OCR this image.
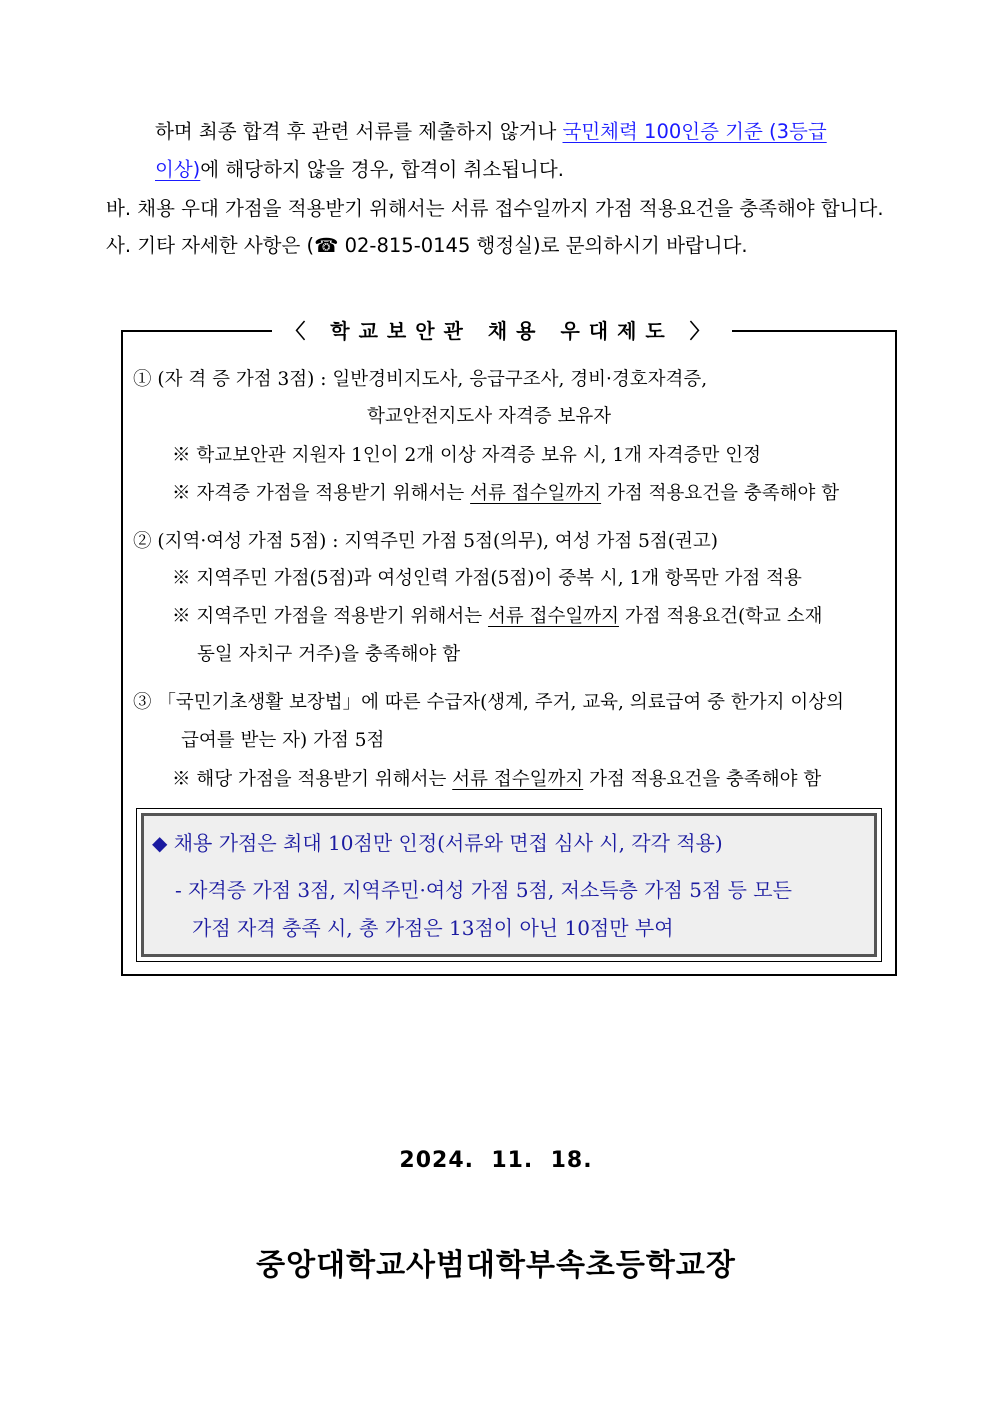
하며 최종 합격 후 관련 서류를 제출하지 않거나 국민체력 100인증 기준 (3등급
이상)에 해당하지 않을 경우, 합격이 취소됩니다.
바. 채용 우대 가점을 적용받기 위해서는 서류 접수일까지 가점 적용요건을 충족해야 합니다.
사. 기타 자세한 사항은 (☎ 02-815-0145 행정실)로 문의하시기 바랍니다.
〈 학교보안관 채용 우대제도 〉
① (자 격 증 가점 3점) : 일반경비지도사, 응급구조사, 경비·경호자격증,
학교안전지도사 자격증 보유자
※ 학교보안관 지원자 1인이 2개 이상 자격증 보유 시, 1개 자격증만 인정
※ 자격증 가점을 적용받기 위해서는 서류 접수일까지 가점 적용요건을 충족해야 함
② (지역·여성 가점 5점) : 지역주민 가점 5점(의무), 여성 가점 5점(권고)
※ 지역주민 가점(5점)과 여성인력 가점(5점)이 중복 시, 1개 항목만 가점 적용
※ 지역주민 가점을 적용받기 위해서는 서류 접수일까지 가점 적용요건(학교 소재
동일 자치구 거주)을 충족해야 함
③ 「국민기초생활 보장법」에 따른 수급자(생계, 주거, 교육, 의료급여 중 한가지 이상의
급여를 받는 자) 가점 5점
※ 해당 가점을 적용받기 위해서는 서류 접수일까지 가점 적용요건을 충족해야 함
◆ 채용 가점은 최대 10점만 인정(서류와 면접 심사 시, 각각 적용)
- 자격증 가점 3점, 지역주민·여성 가점 5점, 저소득층 가점 5점 등 모든
가점 자격 충족 시, 총 가점은 13점이 아닌 10점만 부여
2024.  11.  18.
중앙대학교사범대학부속초등학교장
